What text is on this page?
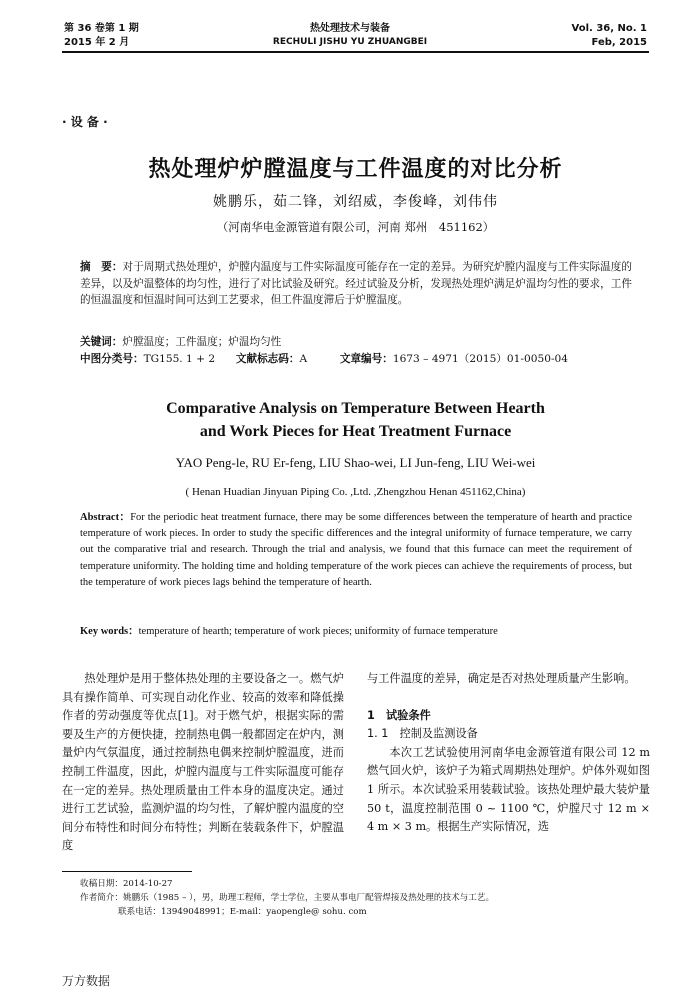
第 36 卷第 1 期
2015 年 2 月
热处理技术与装备
RECHULI JISHU YU ZHUANGBEI
Vol. 36, No. 1
Feb, 2015
· 设 备 ·
热处理炉炉膛温度与工件温度的对比分析
姚鹏乐，茹二锋，刘绍威，李俊峰，刘伟伟
（河南华电金源管道有限公司，河南 郑州　451162）
摘　要：对于周期式热处理炉，炉膛内温度与工件实际温度可能存在一定的差异。为研究炉膛内温度与工件实际温度的差异，以及炉温整体的均匀性，进行了对比试验及研究。经过试验及分析，发现热处理炉满足炉温均匀性的要求，工件的恒温温度和恒温时间可达到工艺要求，但工件温度滞后于炉膛温度。
关键词：炉膛温度；工件温度；炉温均匀性
中图分类号：TG155. 1 + 2 文献标志码：A	文章编号：1673 – 4971（2015）01-0050-04
Comparative Analysis on Temperature Between Hearth
and Work Pieces for Heat Treatment Furnace
YAO Peng-le, RU Er-feng, LIU Shao-wei, LI Jun-feng, LIU Wei-wei
( Henan Huadian Jinyuan Piping Co. ,Ltd. ,Zhengzhou Henan 451162,China)
Abstract：For the periodic heat treatment furnace, there may be some differences between the temperature of hearth and practice temperature of work pieces. In order to study the specific differences and the integral uniformity of furnace temperature, we carry out the comparative trial and research. Through the trial and analysis, we found that this furnace can meet the requirement of temperature uniformity. The holding time and holding temperature of the work pieces can achieve the requirements of process, but the temperature of work pieces lags behind the temperature of hearth.
Key words：temperature of hearth; temperature of work pieces; uniformity of furnace temperature
热处理炉是用于整体热处理的主要设备之一。燃气炉具有操作简单、可实现自动化作业、较高的效率和降低操作者的劳动强度等优点[1]。对于燃气炉，根据实际的需要及生产的方便快捷，控制热电偶一般都固定在炉内，测量炉内气氛温度，通过控制热电偶来控制炉膛温度，进而控制工件温度，因此，炉膛内温度与工件实际温度可能存在一定的差异。热处理质量由工件本身的温度决定。通过进行工艺试验，监测炉温的均匀性，了解炉膛内温度的空间分布特性和时间分布特性；判断在装载条件下，炉膛温度
与工件温度的差异，确定是否对热处理质量产生影响。
1　试验条件
1. 1　控制及监测设备
本次工艺试验使用河南华电金源管道有限公司 12 m 燃气回火炉，该炉子为箱式周期热处理炉。炉体外观如图 1 所示。本次试验采用装载试验。该热处理炉最大装炉量 50 t，温度控制范围 0 ~ 1100 ℃，炉膛尺寸 12 m × 4 m × 3 m。根据生产实际情况，选
收稿日期：2014-10-27
作者简介：姚鹏乐（1985 – ），男，助理工程师，学士学位，主要从事电厂配管焊接及热处理的技术与工艺。
联系电话：13949048991；E-mail：yaopengle@ sohu. com
万方数据
